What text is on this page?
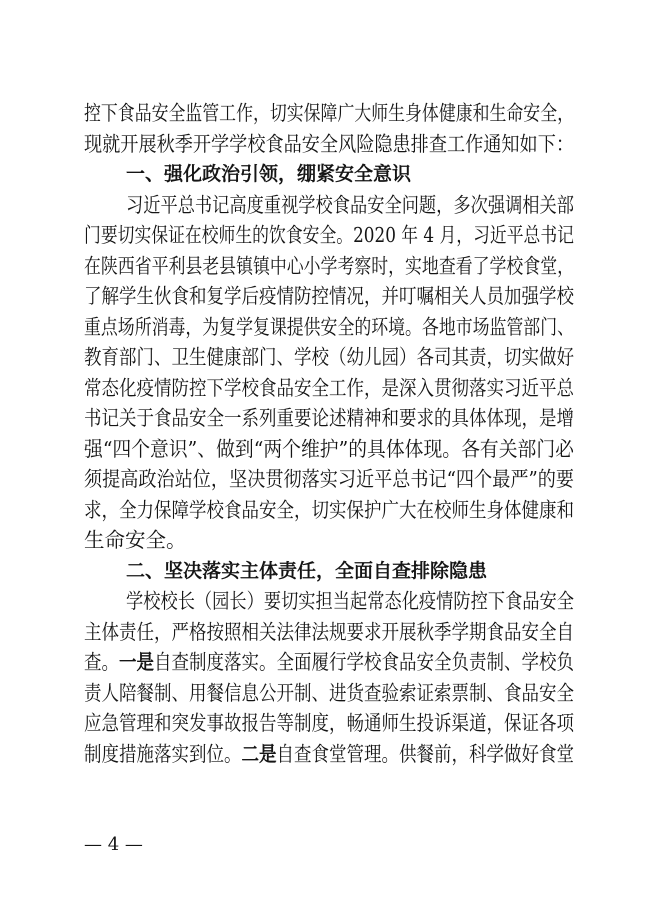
控下食品安全监管工作，切实保障广大师生身体健康和生命安全，
现就开展秋季开学学校食品安全风险隐患排查工作通知如下：
一、强化政治引领，绷紧安全意识
习近平总书记高度重视学校食品安全问题，多次强调相关部
门要切实保证在校师生的饮食安全。2020 年 4 月，习近平总书记
在陕西省平利县老县镇镇中心小学考察时，实地查看了学校食堂，
了解学生伙食和复学后疫情防控情况，并叮嘱相关人员加强学校
重点场所消毒，为复学复课提供安全的环境。各地市场监管部门、
教育部门、卫生健康部门、学校（幼儿园）各司其责，切实做好
常态化疫情防控下学校食品安全工作，是深入贯彻落实习近平总
书记关于食品安全一系列重要论述精神和要求的具体体现，是增
强“四个意识”、做到“两个维护”的具体体现。各有关部门必
须提高政治站位，坚决贯彻落实习近平总书记“四个最严”的要
求，全力保障学校食品安全，切实保护广大在校师生身体健康和
生命安全。
二、坚决落实主体责任，全面自查排除隐患
学校校长（园长）要切实担当起常态化疫情防控下食品安全
主体责任，严格按照相关法律法规要求开展秋季学期食品安全自
查。一是自查制度落实。全面履行学校食品安全负责制、学校负
责人陪餐制、用餐信息公开制、进货查验索证索票制、食品安全
应急管理和突发事故报告等制度，畅通师生投诉渠道，保证各项
制度措施落实到位。二是自查食堂管理。供餐前，科学做好食堂
— 4 —
